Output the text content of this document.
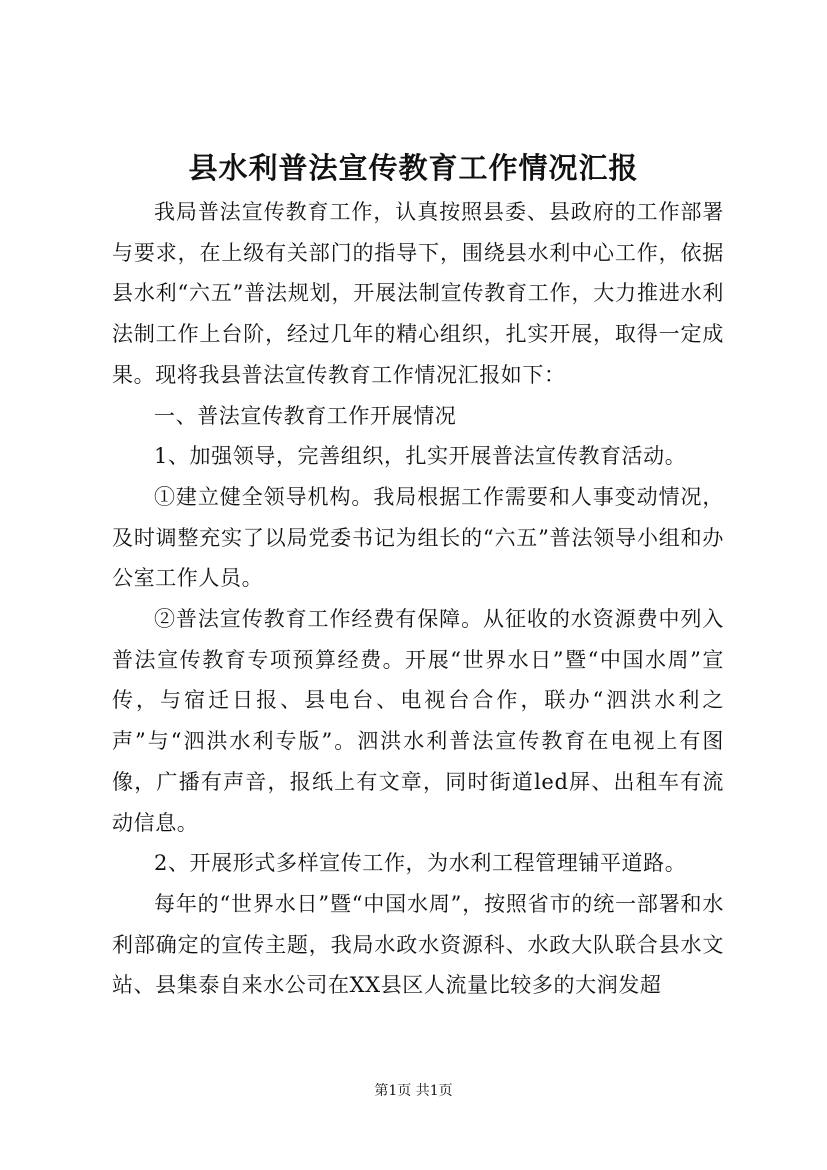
县水利普法宣传教育工作情况汇报

我局普法宣传教育工作，认真按照县委、县政府的工作部署与要求，在上级有关部门的指导下，围绕县水利中心工作，依据县水利“六五”普法规划，开展法制宣传教育工作，大力推进水利法制工作上台阶，经过几年的精心组织，扎实开展，取得一定成果。现将我县普法宣传教育工作情况汇报如下：

一、普法宣传教育工作开展情况

1、加强领导，完善组织，扎实开展普法宣传教育活动。

①建立健全领导机构。我局根据工作需要和人事变动情况，及时调整充实了以局党委书记为组长的“六五”普法领导小组和办公室工作人员。

②普法宣传教育工作经费有保障。从征收的水资源费中列入普法宣传教育专项预算经费。开展“世界水日”暨“中国水周”宣传，与宿迁日报、县电台、电视台合作，联办“泗洪水利之声”与“泗洪水利专版”。泗洪水利普法宣传教育在电视上有图像，广播有声音，报纸上有文章，同时街道led屏、出租车有流动信息。

2、开展形式多样宣传工作，为水利工程管理铺平道路。

每年的“世界水日”暨“中国水周”，按照省市的统一部署和水利部确定的宣传主题，我局水政水资源科、水政大队联合县水文站、县集泰自来水公司在XX县区人流量比较多的大润发超

第1页 共1页
